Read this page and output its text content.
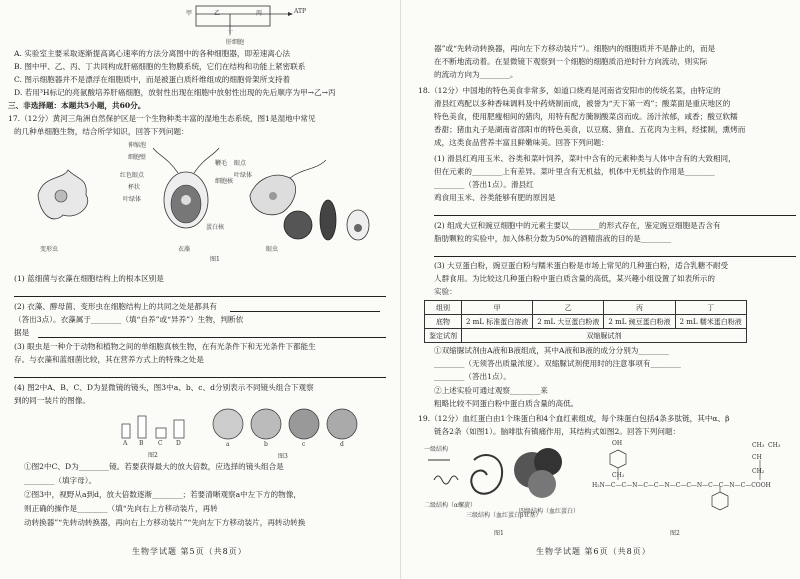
甲	乙	丙
丁
ATP
肝细胞
A. 实验室主要采取逐渐提高离心速率的方法分离图中的各种细胞器，即差速离心法
B. 图中甲、乙、丙、丁共同构成肝癌细胞的生物膜系统，它们在结构和功能上紧密联系
C. 图示细胞器并不是漂浮在细胞质中，而是被蛋白质纤维组成的细胞骨架所支持着
D. 若用³H标记的亮氨酸培养肝癌细胞，放射性出现在细胞中放射性出现的先后顺序为甲→乙→丙
三、非选择题：本题共5小题，共60分。
17.（12分）黄河三角洲自然保护区是一个生物种类丰富的湿地生态系统，图1是湿地中常见
的几种单细胞生物，结合所学知识，回答下列问题：
变形虫	衣藻	眼虫
伸缩泡
细胞壁
红色眼点
杯状
叶绿体
细胞核
鞭毛
蛋白核
叶绿体
眼点
图1
(1) 蓝细菌与衣藻在细胞结构上的根本区别是
(2) 衣藻、酵母菌、变形虫在细胞结构上的共同之处是都具有
（答出3点）。衣藻属于________（填“自养”或“异养”）生物，判断依
据是
(3) 眼虫是一种介于动物和植物之间的单细胞真核生物，在有光条件下和无光条件下都能生
存。与衣藻和蓝细菌比较，其在营养方式上的特殊之处是
(4) 图2中A、B、C、D为显微镜的镜头，图3中a、b、c、d分别表示不同镜头组合下观察
到的同一装片的图像。
A B C D
图2
a	b	c	d
图3
①图2中C、D为________镜。若要获得最大的放大倍数，应选择的镜头组合是
________（填字母）。
②图3中，视野从a到d，放大倍数逐渐________；若要清晰观察a中左下方的物像，
则正确的操作是________（填“先向右上方移动装片，再转
动转换器”“先转动转换器，再向右上方移动装片”“先向左下方移动装片，再转动转换
生物学试题 第5页（共8页）
器”或“先转动转换器，再向左下方移动装片”）。细胞内的细胞质并不是静止的，而是
在不断地流动着。在显微镜下观察到一个细胞的细胞质沿逆时针方向流动，则实际
的流动方向为________。
18.（12分）中国地的特色美食非常多，如道口烧鸡是河南省安阳市的传统名菜，由特定的
滑县红鸡配以多种香味调料及中药烧制而成，被誉为“天下第一鸡”；酸菜面是重庆地区的
特色美食，使用肥瘦相间的猪肉，用特有配方腌制酸菜卤而成。汤汁浓郁，咸香；酸豆软糯
香甜；猪血丸子是湖南省邵阳市的特色美食，以豆腐、猪血、五花肉为主料，经揉制，熏烤而
成，这类食品营养丰富且鲜嫩味美。回答下列问题：
(1) 滑县红鸡用玉米、谷类和菜叶饲养，菜叶中含有的元素种类与人体中含有的大致相同，
但在元素的________上有差异。菜叶里含有无机盐，机体中无机盐的作用是________
________（答出1点）。滑县红
鸡食用玉米、谷类能够有肥的原因是
(2) 组成大豆和豌豆细胞中的元素主要以________的形式存在，鉴定豌豆细胞是否含有
脂肪颗粒的实验中，加入体积分数为50%的酒精溶液的目的是________
(3) 大豆蛋白粉，豌豆蛋白粉与糯米蛋白粉是市场上常见的几种蛋白粉，适合乳糖不耐受
人群食用。为比较这几种蛋白粉中蛋白质含量的高低，某兴趣小组设置了如表所示的
实验：
组别	甲	乙	丙	丁
底物	2 mL 标准蛋白溶液	2 mL 大豆蛋白粉液	2 mL 豌豆蛋白粉液	2 mL 糯米蛋白粉液
鉴定试剂	双缩脲试剂			
①双缩脲试剂由A液和B液组成，其中A液和B液的成分分别为________
________（无须答出质量浓度）。双缩脲试剂使用时的注意事项有________
________（答出1点）。
②上述实验可通过观察________来
粗略比较不同蛋白粉中蛋白质含量的高低。
19.（12分）血红蛋白由1个珠蛋白和4个血红素组成，每个珠蛋白包括4条多肽链，其中α、β
链各2条（如图1）。脑啡肽有镇痛作用，其结构式如图2。回答下列问题：
一级结构
二级结构（α螺旋）
三级结构（血红蛋白β亚基）
四级结构（血红蛋白）
图1
OH
CH₂
CH₃
CH
CH₂
CH₃
H₂N—C—C—N—C—C—N—C—C—N—C—C—N—C—COOH
图2
生物学试题 第6页（共8页）
